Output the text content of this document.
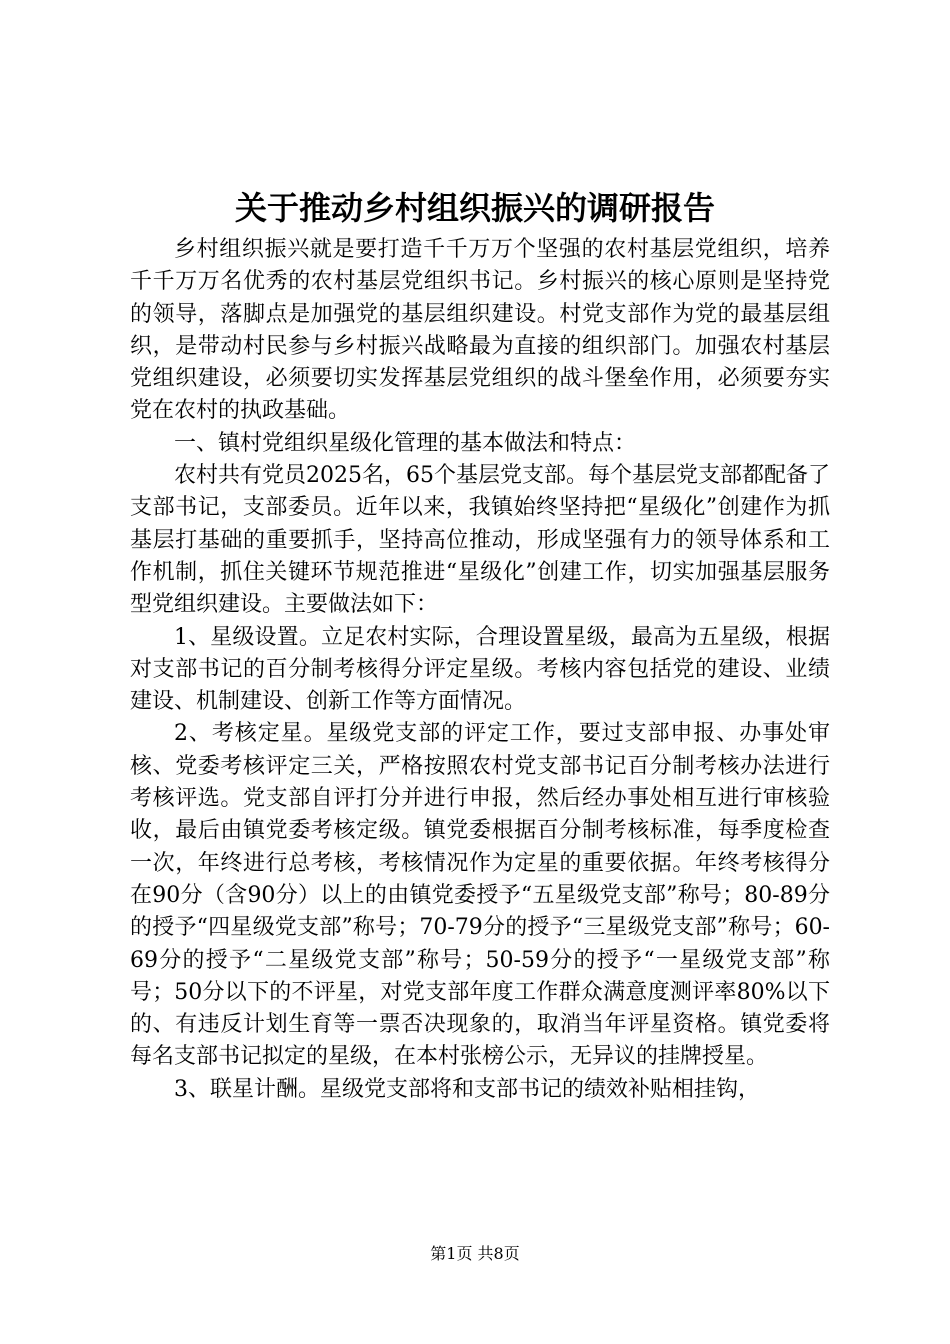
关于推动乡村组织振兴的调研报告

乡村组织振兴就是要打造千千万万个坚强的农村基层党组织，培养千千万万名优秀的农村基层党组织书记。乡村振兴的核心原则是坚持党的领导，落脚点是加强党的基层组织建设。村党支部作为党的最基层组织，是带动村民参与乡村振兴战略最为直接的组织部门。加强农村基层党组织建设，必须要切实发挥基层党组织的战斗堡垒作用，必须要夯实党在农村的执政基础。

一、镇村党组织星级化管理的基本做法和特点：

农村共有党员2025名，65个基层党支部。每个基层党支部都配备了支部书记，支部委员。近年以来，我镇始终坚持把“星级化”创建作为抓基层打基础的重要抓手，坚持高位推动，形成坚强有力的领导体系和工作机制，抓住关键环节规范推进“星级化”创建工作，切实加强基层服务型党组织建设。主要做法如下：

1、星级设置。立足农村实际，合理设置星级，最高为五星级，根据对支部书记的百分制考核得分评定星级。考核内容包括党的建设、业绩建设、机制建设、创新工作等方面情况。

2、考核定星。星级党支部的评定工作，要过支部申报、办事处审核、党委考核评定三关，严格按照农村党支部书记百分制考核办法进行考核评选。党支部自评打分并进行申报，然后经办事处相互进行审核验收，最后由镇党委考核定级。镇党委根据百分制考核标准，每季度检查一次，年终进行总考核，考核情况作为定星的重要依据。年终考核得分在90分（含90分）以上的由镇党委授予“五星级党支部”称号；80-89分的授予“四星级党支部”称号；70-79分的授予“三星级党支部”称号；60-69分的授予“二星级党支部”称号；50-59分的授予“一星级党支部”称号；50分以下的不评星，对党支部年度工作群众满意度测评率80%以下的、有违反计划生育等一票否决现象的，取消当年评星资格。镇党委将每名支部书记拟定的星级，在本村张榜公示，无异议的挂牌授星。

3、联星计酬。星级党支部将和支部书记的绩效补贴相挂钩，

第1页 共8页
